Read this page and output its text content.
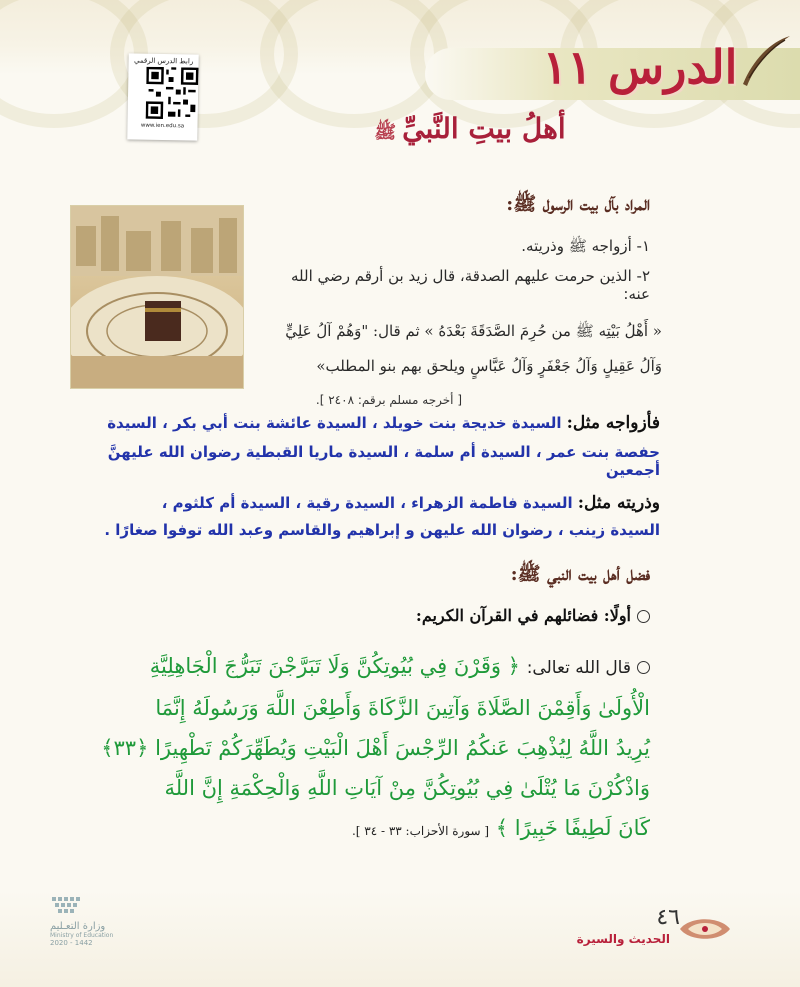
الدرس ١١
رابط الدرس الرقمي
www.ien.edu.sa	أهلُ بيتِ النَّبيِّﷺ
المراد بآل بيت الرسول ﷺ:
١- أزواجه ﷺ وذريته.
٢- الذين حرمت عليهم الصدقة، قال زيد بن أرقم رضي الله عنه:
« أَهْلُ بَيْتِه ﷺ من حُرِمَ الصَّدَقَةَ بَعْدَهُ » ثم قال: "وَهُمْ آلُ عَلِيٍّ
وَآلُ عَقِيلٍ وَآلُ جَعْفَرٍ وَآلُ عَبَّاسٍ ويلحق بهم بنو المطلب»
[ أخرجه مسلم برقم: ٢٤٠٨ ].
فأزواجه مثل: السيدة خديجة بنت خويلد ، السيدة عائشة بنت أبي بكر ، السيدة
حفصة بنت عمر ، السيدة أم سلمة ، السيدة ماريا القبطية رضوان الله عليهنَّ أجمعين
وذريته مثل: السيدة فاطمة الزهراء ، السيدة رقية ، السيدة أم كلثوم ،
السيدة زينب ، رضوان الله عليهن و إبراهيم والقاسم وعبد الله توفوا صغارًا .
فضل أهل بيت النبي ﷺ:
أولًا: فضائلهم في القرآن الكريم:
قال الله تعالى: ﴿ وَقَرْنَ فِي بُيُوتِكُنَّ وَلَا تَبَرَّجْنَ تَبَرُّجَ الْجَاهِلِيَّةِ
الْأُولَىٰ وَأَقِمْنَ الصَّلَاةَ وَآتِينَ الزَّكَاةَ وَأَطِعْنَ اللَّهَ وَرَسُولَهُ إِنَّمَا
يُرِيدُ اللَّهُ لِيُذْهِبَ عَنكُمُ الرِّجْسَ أَهْلَ الْبَيْتِ وَيُطَهِّرَكُمْ تَطْهِيرًا ﴿٣٣﴾
وَاذْكُرْنَ مَا يُتْلَىٰ فِي بُيُوتِكُنَّ مِنْ آيَاتِ اللَّهِ وَالْحِكْمَةِ إِنَّ اللَّهَ
كَانَ لَطِيفًا خَبِيرًا ﴾ [ سورة الأحزاب: ٣٣ - ٣٤ ].
وزارة التعـليم
Ministry of Education
2020 - 1442
٤٦
الحديث والسيرة
